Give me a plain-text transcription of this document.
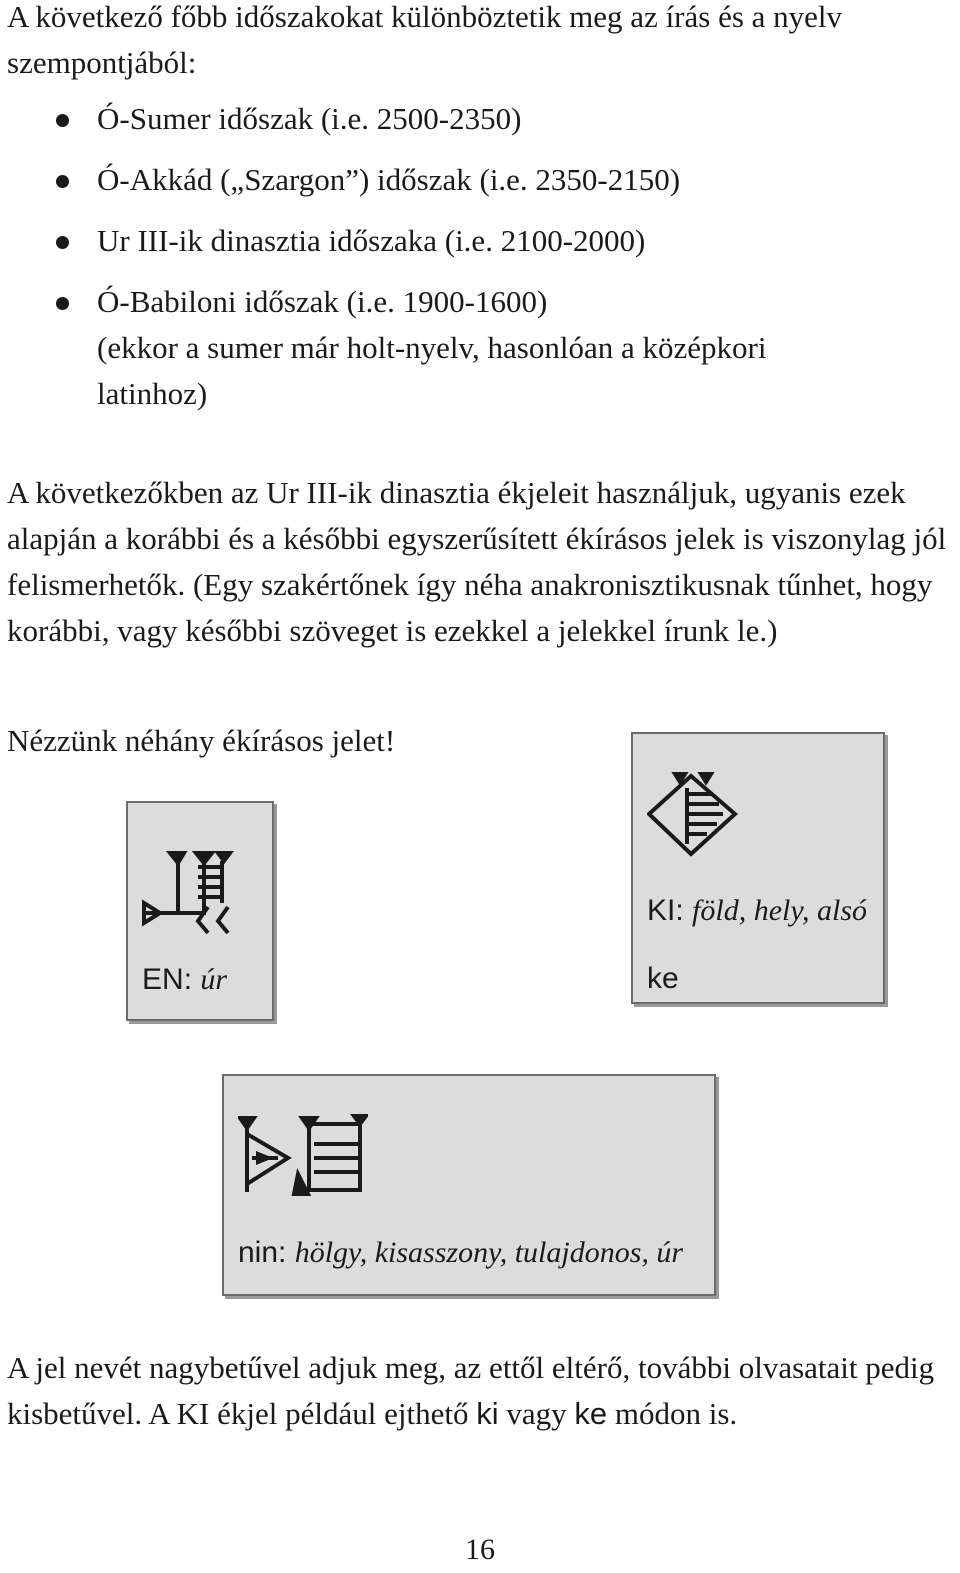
A következő főbb időszakokat különböztetik meg az írás és a nyelv szempontjából:

Ó-Sumer időszak (i.e. 2500-2350)
Ó-Akkád („Szargon”) időszak (i.e. 2350-2150)
Ur III-ik dinasztia időszaka (i.e. 2100-2000)
Ó-Babiloni időszak (i.e. 1900-1600)
(ekkor a sumer már holt-nyelv, hasonlóan a középkori latinhoz)

A következőkben az Ur III-ik dinasztia ékjeleit használjuk, ugyanis ezek alapján a korábbi és a későbbi egyszerűsített ékírásos jelek is viszonylag jól felismerhetők. (Egy szakértőnek így néha anakronisztikusnak tűnhet, hogy korábbi, vagy későbbi szöveget is ezekkel a jelekkel írunk le.)

Nézzünk néhány ékírásos jelet!

EN: úr
KI: föld, hely, alsó
ke
nin: hölgy, kisasszony, tulajdonos, úr

A jel nevét nagybetűvel adjuk meg, az ettől eltérő, további olvasatait pedig kisbetűvel. A KI ékjel például ejthető ki vagy ke módon is.

16
